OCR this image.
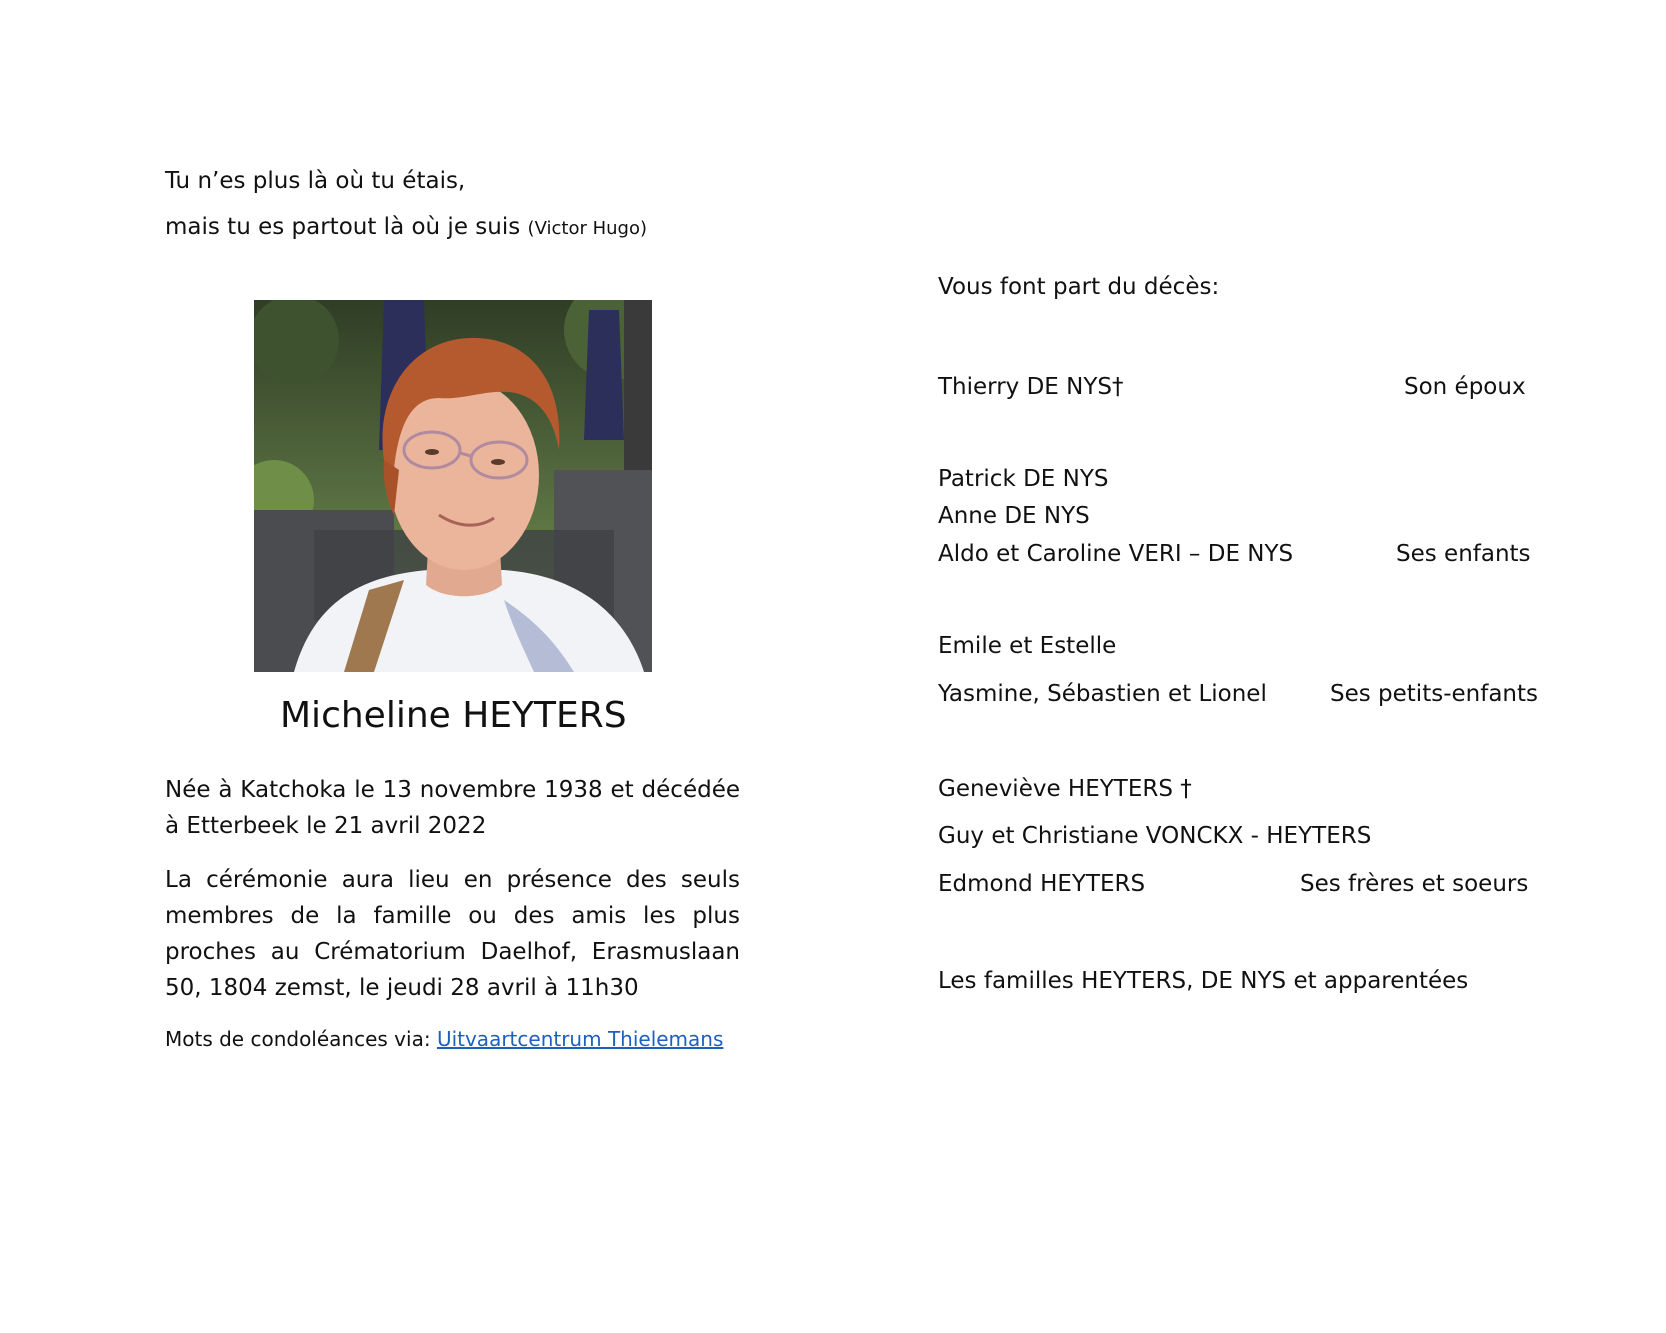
Tu n’es plus là où tu étais,
mais tu es partout là où je suis (Victor Hugo)
Micheline HEYTERS
Née à Katchoka le 13 novembre 1938 et décédée à Etterbeek le 21 avril 2022
La cérémonie aura lieu en présence des seuls membres de la famille ou des amis les plus proches au Crématorium Daelhof, Erasmuslaan 50, 1804 zemst, le jeudi 28 avril à 11h30
Mots de condoléances via: Uitvaartcentrum Thielemans
Vous font part du décès:
Thierry DE NYS†	Son époux
Patrick DE NYS
Anne DE NYS
Aldo et Caroline VERI – DE NYS	Ses enfants
Emile et Estelle
Yasmine, Sébastien et Lionel	Ses petits-enfants
Geneviève HEYTERS †
Guy et Christiane VONCKX - HEYTERS
Edmond HEYTERS	Ses frères et soeurs
Les familles HEYTERS, DE NYS et apparentées
